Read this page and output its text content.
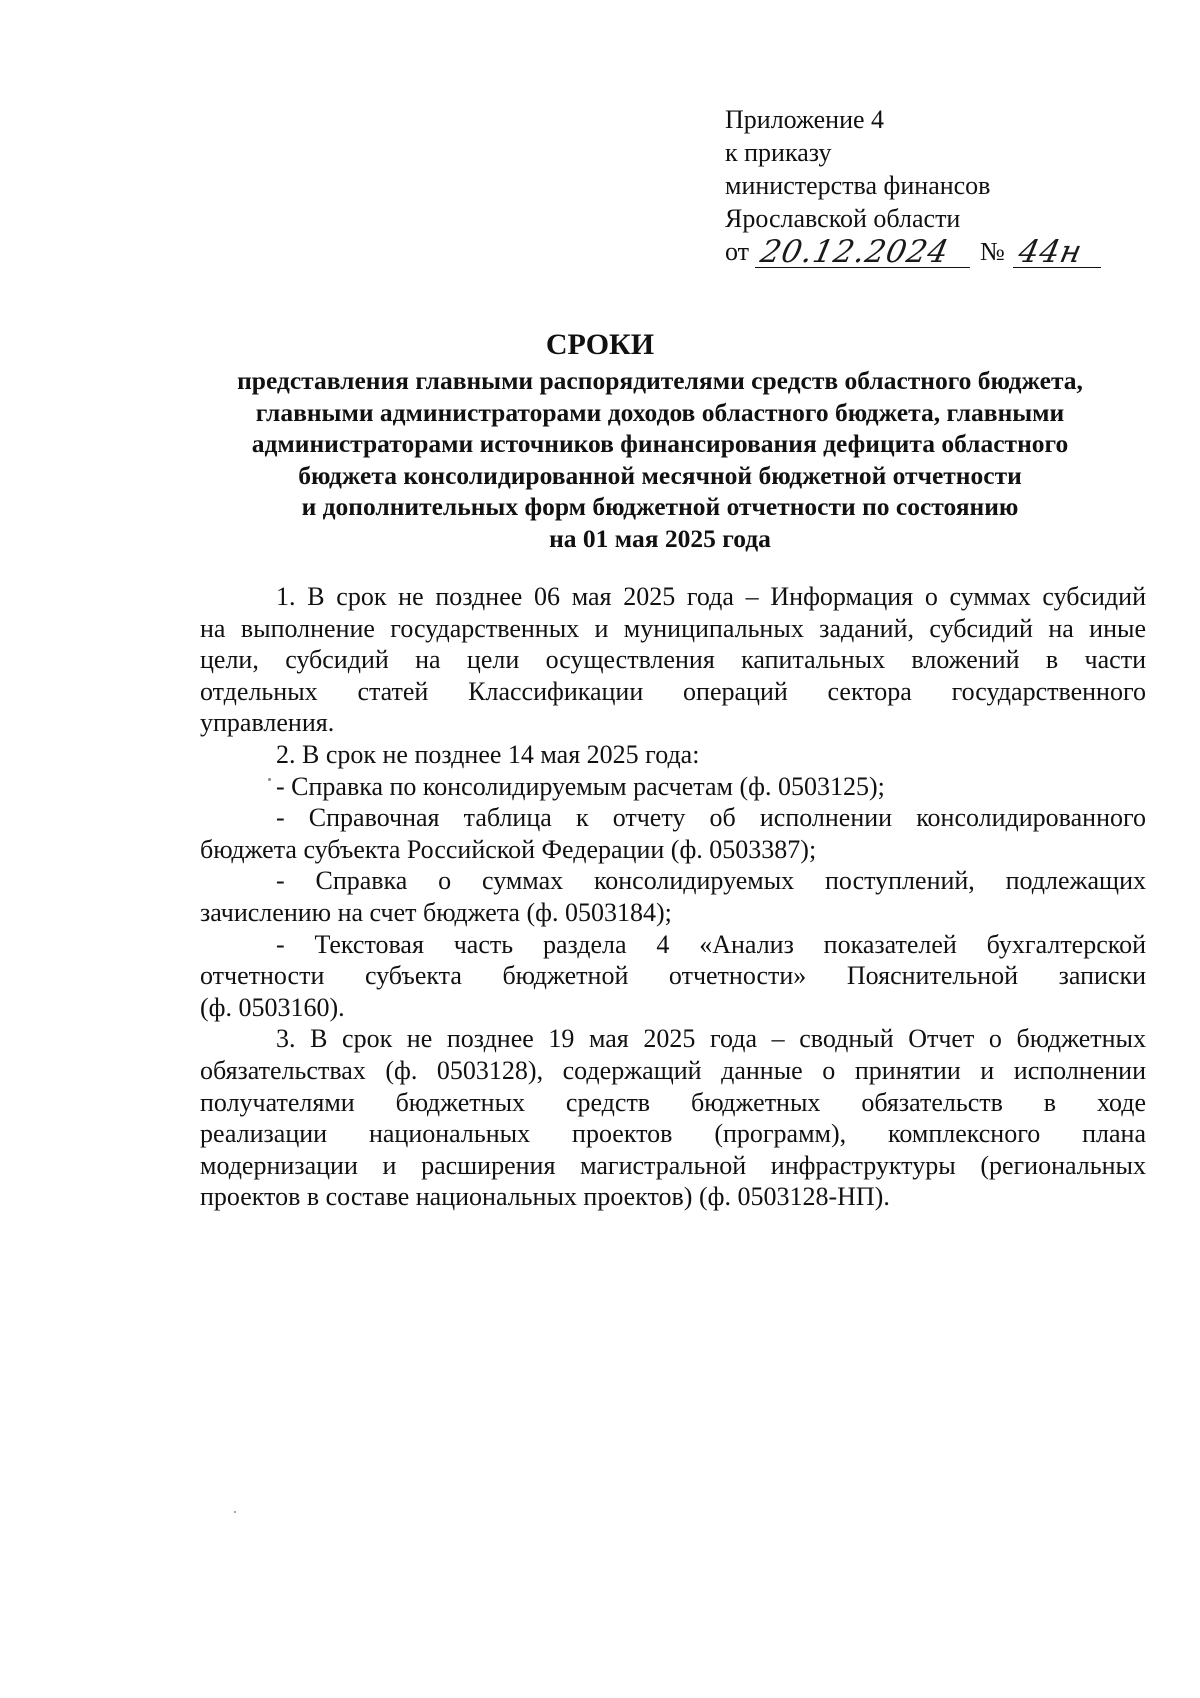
Приложение 4
к приказу
министерства финансов
Ярославской области
от 20.12.2024 № 44н
СРОКИ
представления главными распорядителями средств областного бюджета,
главными администраторами доходов областного бюджета, главными
администраторами источников финансирования дефицита областного
бюджета консолидированной месячной бюджетной отчетности
и дополнительных форм бюджетной отчетности по состоянию
на 01 мая 2025 года
1. В срок не позднее 06 мая 2025 года – Информация о суммах субсидий
на выполнение государственных и муниципальных заданий, субсидий на иные
цели, субсидий на цели осуществления капитальных вложений в части
отдельных статей Классификации операций сектора государственного
управления.
2. В срок не позднее 14 мая 2025 года:
- Справка по консолидируемым расчетам (ф. 0503125);
- Справочная таблица к отчету об исполнении консолидированного
бюджета субъекта Российской Федерации (ф. 0503387);
- Справка о суммах консолидируемых поступлений, подлежащих
зачислению на счет бюджета (ф. 0503184);
- Текстовая часть раздела 4 «Анализ показателей бухгалтерской
отчетности субъекта бюджетной отчетности» Пояснительной записки
(ф. 0503160).
3. В срок не позднее 19 мая 2025 года – сводный Отчет о бюджетных
обязательствах (ф. 0503128), содержащий данные о принятии и исполнении
получателями бюджетных средств бюджетных обязательств в ходе
реализации национальных проектов (программ), комплексного плана
модернизации и расширения магистральной инфраструктуры (региональных
проектов в составе национальных проектов) (ф. 0503128-НП).
